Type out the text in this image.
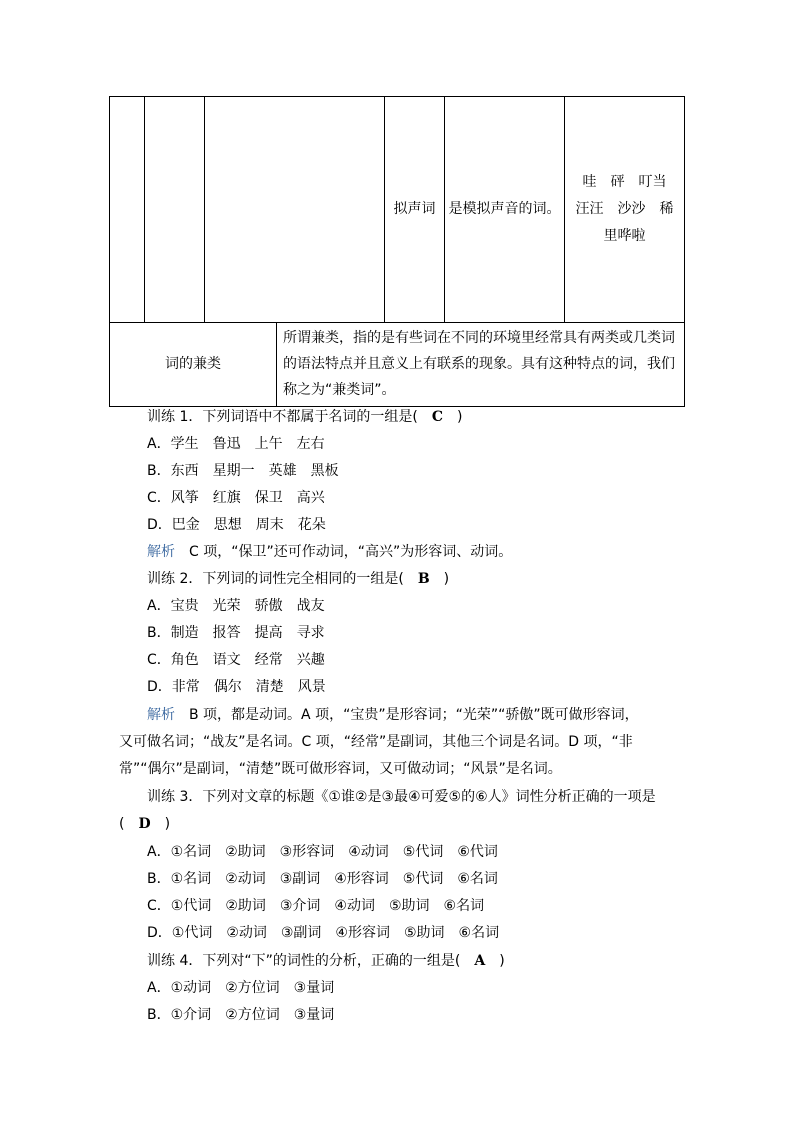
拟声词 是模拟声音的词。
哇　砰　叮当
汪汪　沙沙　稀
里哗啦
词的兼类
所谓兼类，指的是有些词在不同的环境里经常具有两类或几类词
的语法特点并且意义上有联系的现象。具有这种特点的词，我们
称之为“兼类词”。
训练 1．下列词语中不都属于名词的一组是(　C　)
A．学生　鲁迅　上午　左右
B．东西　星期一　英雄　黑板
C．风筝　红旗　保卫　高兴
D．巴金　思想　周末　花朵
解析　C 项，“保卫”还可作动词，“高兴”为形容词、动词。
训练 2．下列词的词性完全相同的一组是(　B　)
A．宝贵　光荣　骄傲　战友
B．制造　报答　提高　寻求
C．角色　语文　经常　兴趣
D．非常　偶尔　清楚　风景
解析　B 项，都是动词。A 项，“宝贵”是形容词；“光荣”“骄傲”既可做形容词，
又可做名词；“战友”是名词。C 项，“经常”是副词，其他三个词是名词。D 项，“非
常”“偶尔”是副词，“清楚”既可做形容词，又可做动词；“风景”是名词。
训练 3．下列对文章的标题《①谁②是③最④可爱⑤的⑥人》词性分析正确的一项是
(　D　)
A．①名词　②助词　③形容词　④动词　⑤代词　⑥代词
B．①名词　②动词　③副词　④形容词　⑤代词　⑥名词
C．①代词　②助词　③介词　④动词　⑤助词　⑥名词
D．①代词　②动词　③副词　④形容词　⑤助词　⑥名词
训练 4．下列对“下”的词性的分析，正确的一组是(　A　)
A．①动词　②方位词　③量词
B．①介词　②方位词　③量词
